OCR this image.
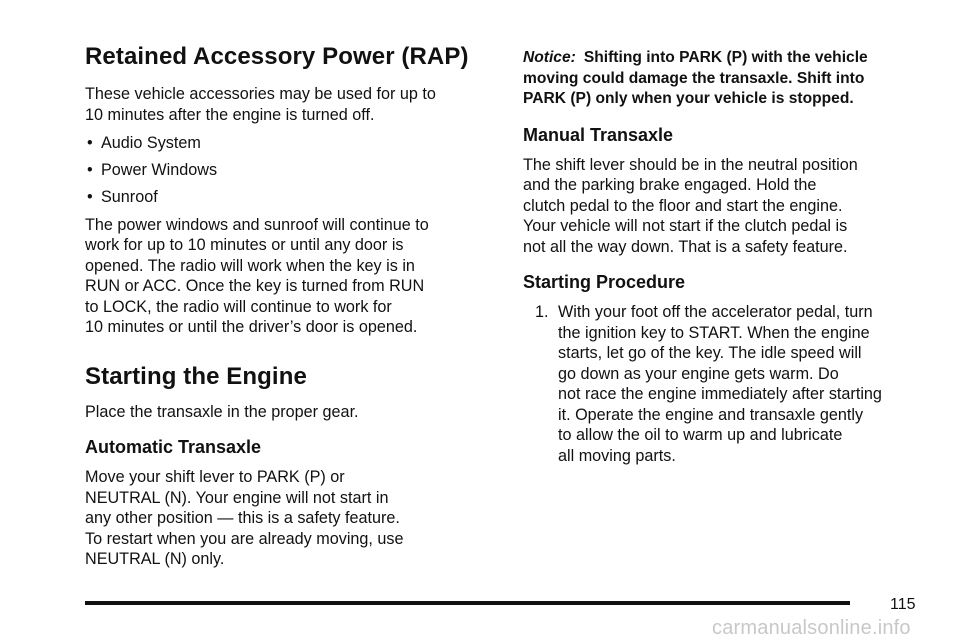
Retained Accessory Power (RAP)

These vehicle accessories may be used for up to
10 minutes after the engine is turned off.

• Audio System
• Power Windows
• Sunroof

The power windows and sunroof will continue to
work for up to 10 minutes or until any door is
opened. The radio will work when the key is in
RUN or ACC. Once the key is turned from RUN
to LOCK, the radio will continue to work for
10 minutes or until the driver’s door is opened.

Starting the Engine

Place the transaxle in the proper gear.

Automatic Transaxle

Move your shift lever to PARK (P) or
NEUTRAL (N). Your engine will not start in
any other position — this is a safety feature.
To restart when you are already moving, use
NEUTRAL (N) only.

Notice: Shifting into PARK (P) with the vehicle
moving could damage the transaxle. Shift into
PARK (P) only when your vehicle is stopped.
Manual Transaxle

The shift lever should be in the neutral position
and the parking brake engaged. Hold the
clutch pedal to the floor and start the engine.
Your vehicle will not start if the clutch pedal is
not all the way down. That is a safety feature.

Starting Procedure
1. With your foot off the accelerator pedal, turn
the ignition key to START. When the engine
starts, let go of the key. The idle speed will
go down as your engine gets warm. Do
not race the engine immediately after starting
it. Operate the engine and transaxle gently
to allow the oil to warm up and lubricate
all moving parts.
115
carmanualsonline.info
